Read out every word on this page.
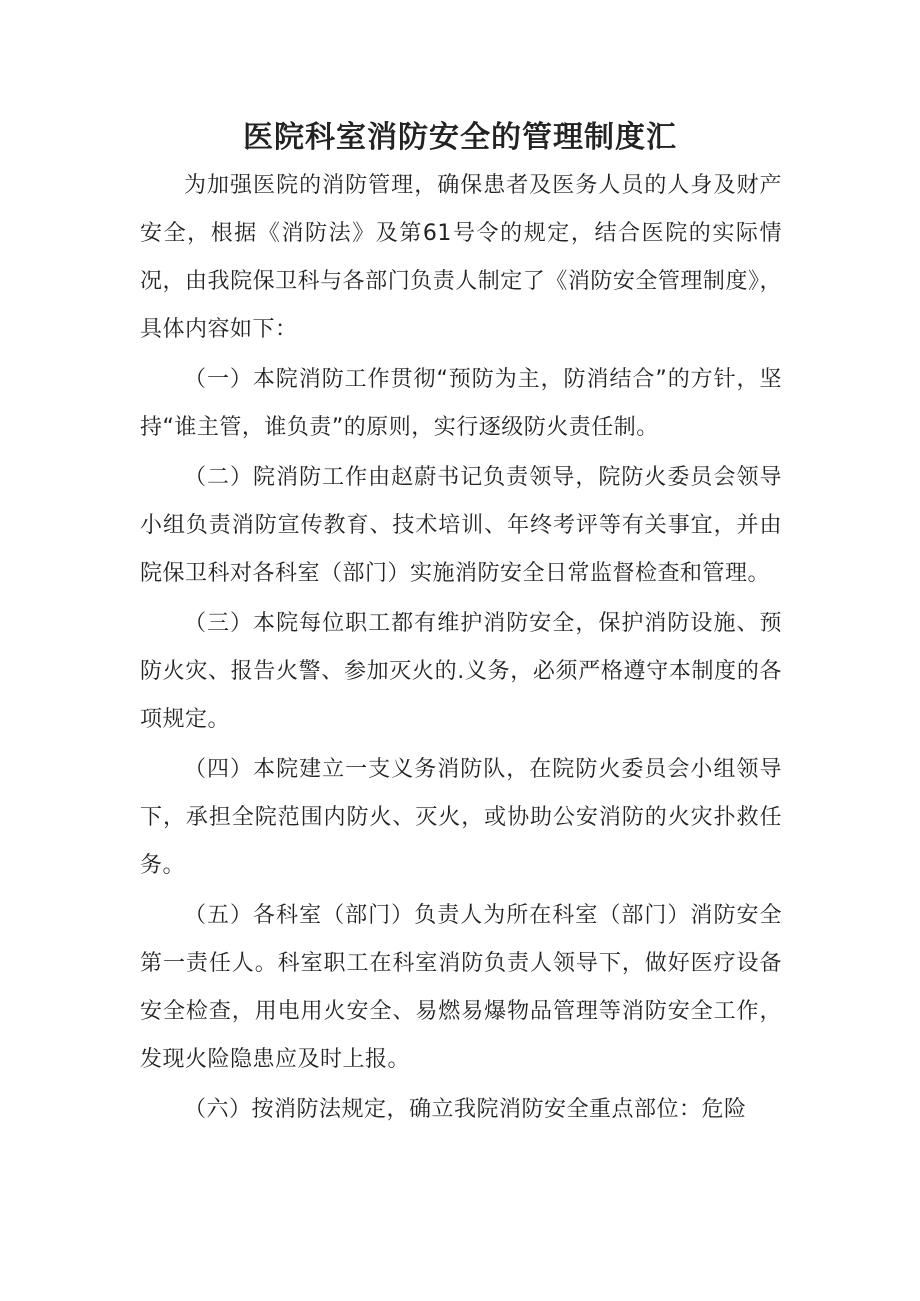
医院科室消防安全的管理制度汇

为加强医院的消防管理，确保患者及医务人员的人身及财产安全，根据《消防法》及第61号令的规定，结合医院的实际情况，由我院保卫科与各部门负责人制定了《消防安全管理制度》，具体内容如下：

（一）本院消防工作贯彻“预防为主，防消结合”的方针，坚持“谁主管，谁负责”的原则，实行逐级防火责任制。

（二）院消防工作由赵蔚书记负责领导，院防火委员会领导小组负责消防宣传教育、技术培训、年终考评等有关事宜，并由院保卫科对各科室（部门）实施消防安全日常监督检查和管理。

（三）本院每位职工都有维护消防安全，保护消防设施、预防火灾、报告火警、参加灭火的.义务，必须严格遵守本制度的各项规定。

（四）本院建立一支义务消防队，在院防火委员会小组领导下，承担全院范围内防火、灭火，或协助公安消防的火灾扑救任务。

（五）各科室（部门）负责人为所在科室（部门）消防安全第一责任人。科室职工在科室消防负责人领导下，做好医疗设备安全检查，用电用火安全、易燃易爆物品管理等消防安全工作，发现火险隐患应及时上报。

（六）按消防法规定，确立我院消防安全重点部位：危险
